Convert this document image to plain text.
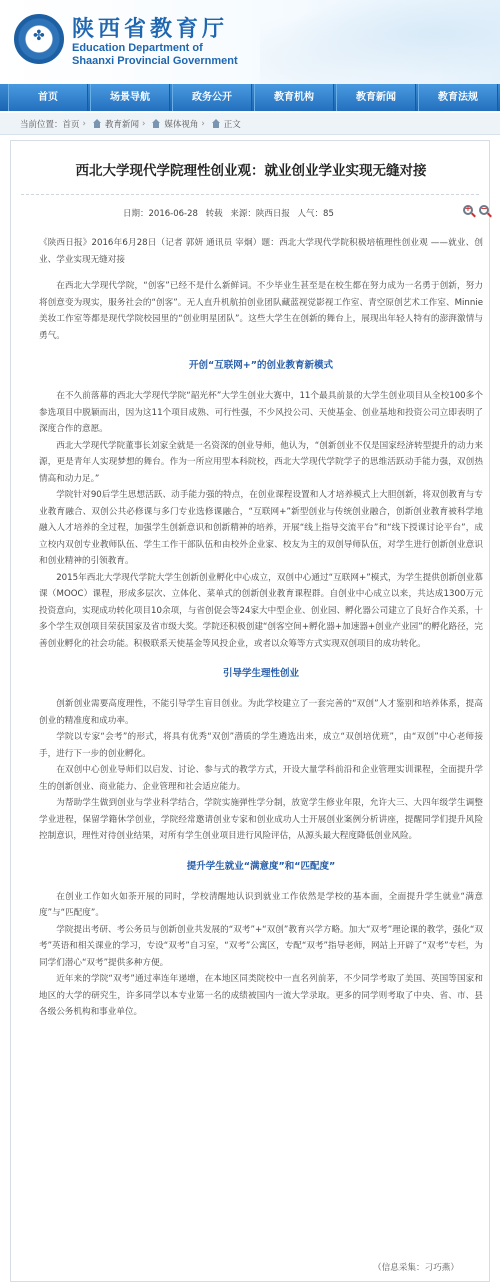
✤ 陕西省教育厅
Education Department of
Shaanxi Provincial Government
首页	场景导航	政务公开	教育机构	教育新闻	教育法规
当前位置： 首页 › 教育新闻 › 媒体视角 › 正文
西北大学现代学院理性创业观：就业创业学业实现无缝对接
日期：2016-06-28 转载 来源：陕西日报 人气：85
+ −

《陕西日报》2016年6月28日（记者 郭妍 通讯员 宰炯）题：西北大学现代学院积极培植理性创业观 ——就业、创业、学业实现无缝对接

在西北大学现代学院，“创客”已经不是什么新鲜词。不少毕业生甚至是在校生都在努力成为一名勇于创新，努力将创意变为现实，服务社会的“创客”。无人直升机航拍创业团队藏蓝视觉影视工作室、青空原创艺术工作室、Minnie美妆工作室等都是现代学院校园里的“创业明星团队”。这些大学生在创新的舞台上，展现出年轻人特有的澎湃激情与勇气。

开创“互联网+”的创业教育新模式

在不久前落幕的西北大学现代学院“韶光杯”大学生创业大赛中，11个最具前景的大学生创业项目从全校100多个参选项目中脱颖而出，因为这11个项目成熟、可行性强，不少风投公司、天使基金、创业基地和投资公司立即表明了深度合作的意愿。

西北大学现代学院董事长刘家全就是一名资深的创业导师，他认为，“创新创业不仅是国家经济转型提升的动力来源，更是青年人实现梦想的舞台。作为一所应用型本科院校，西北大学现代学院学子的思维活跃动手能力强，双创热情高和动力足。”

学院针对90后学生思想活跃、动手能力强的特点，在创业课程设置和人才培养模式上大胆创新，将双创教育与专业教育融合、双创公共必修课与多门专业选修课融合，“互联网+”新型创业与传统创业融合，创新创业教育被科学地融入人才培养的全过程，加强学生创新意识和创新精神的培养，开展“线上指导交流平台”和“线下授课讨论平台”，成立校内双创专业教师队伍、学生工作干部队伍和由校外企业家、校友为主的双创导师队伍，对学生进行创新创业意识和创业精神的引领教育。

2015年西北大学现代学院大学生创新创业孵化中心成立，双创中心通过“互联网+”模式，为学生提供创新创业慕课（MOOC）课程，形成多层次、立体化、菜单式的创新创业教育课程群。自创业中心成立以来，共达成1300万元投资意向，实现成功转化项目10余项，与省创促会等24家大中型企业、创业园、孵化器公司建立了良好合作关系，十多个学生双创项目荣获国家及省市级大奖。学院还积极创建“创客空间+孵化器+加速器+创业产业园”的孵化路径，完善创业孵化的社会功能。积极联系天使基金等风投企业，或者以众筹等方式实现双创项目的成功转化。

引导学生理性创业

创新创业需要高度理性，不能引导学生盲目创业。为此学校建立了一套完善的“双创”人才鉴别和培养体系，提高创业的精准度和成功率。

学院以专家“会考”的形式，将具有优秀“双创”潜质的学生遴选出来，成立“双创培优班”，由“双创”中心老师接手，进行下一步的创业孵化。

在双创中心创业导师们以启发、讨论、参与式的教学方式，开设大量学科前沿和企业管理实训课程，全面提升学生的创新创业、商业能力、企业管理和社会适应能力。

为帮助学生做到创业与学业科学结合，学院实施弹性学分制，放宽学生修业年限，允许大三、大四年级学生调整学业进程，保留学籍休学创业，学院经常邀请创业专家和创业成功人士开展创业案例分析讲座，提醒同学们提升风险控制意识，理性对待创业结果，对所有学生创业项目进行风险评估，从源头最大程度降低创业风险。

提升学生就业“满意度”和“匹配度”

在创业工作如火如荼开展的同时，学校清醒地认识到就业工作依然是学校的基本面，全面提升学生就业“满意度”与“匹配度”。

学院提出考研、考公务员与创新创业共发展的“双考”+“双创”教育兴学方略。加大“双考”理论课的教学，强化“双考”英语和相关课业的学习，专设“双考”自习室，“双考”公寓区，专配“双考”指导老师，网站上开辟了“双考”专栏，为同学们潜心“双考”提供多种方便。

近年来的学院“双考”通过率连年递增，在本地区同类院校中一直名列前茅，不少同学考取了美国、英国等国家和地区的大学的研究生，许多同学以本专业第一名的成绩被国内一流大学录取。更多的同学则考取了中央、省、市、县各级公务机构和事业单位。

（信息采集：刁巧燕）
